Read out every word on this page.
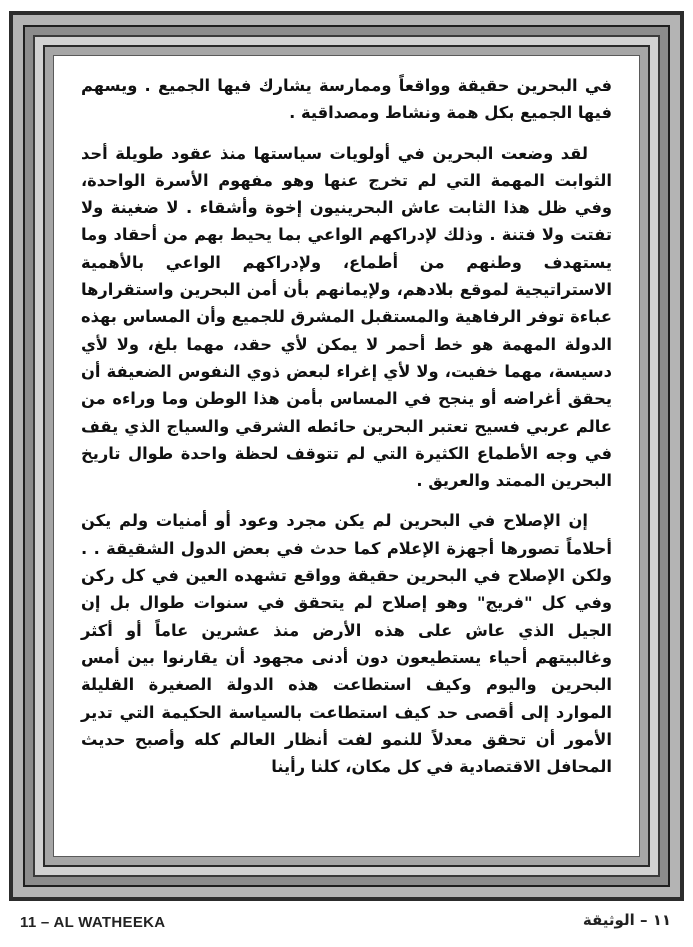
في البحرين حقيقة وواقعاً وممارسة يشارك فيها الجميع . ويسهم فيها الجميع بكل همة ونشاط ومصداقية .

لقد وضعت البحرين في أولويات سياستها منذ عقود طويلة أحد الثوابت المهمة التي لم تخرج عنها وهو مفهوم الأسرة الواحدة، وفي ظل هذا الثابت عاش البحرينيون إخوة وأشقاء . لا ضغينة ولا تفتت ولا فتنة . وذلك لإدراكهم الواعي بما يحيط بهم من أحقاد وما يستهدف وطنهم من أطماع، ولإدراكهم الواعي بالأهمية الاستراتيجية لموقع بلادهم، ولإيمانهم بأن أمن البحرين واستقرارها عباءة توفر الرفاهية والمستقبل المشرق للجميع وأن المساس بهذه الدولة المهمة هو خط أحمر لا يمكن لأي حقد، مهما بلغ، ولا لأي دسيسة، مهما خفيت، ولا لأي إغراء لبعض ذوي النفوس الضعيفة أن يحقق أغراضه أو ينجح في المساس بأمن هذا الوطن وما وراءه من عالم عربي فسيح تعتبر البحرين حائطه الشرقي والسياج الذي يقف في وجه الأطماع الكثيرة التي لم تتوقف لحظة واحدة طوال تاريخ البحرين الممتد والعريق .

إن الإصلاح في البحرين لم يكن مجرد وعود أو أمنيات ولم يكن أحلاماً تصورها أجهزة الإعلام كما حدث في بعض الدول الشقيقة . . ولكن الإصلاح في البحرين حقيقة وواقع تشهده العين في كل ركن وفي كل "فريج" وهو إصلاح لم يتحقق في سنوات طوال بل إن الجيل الذي عاش على هذه الأرض منذ عشرين عاماً أو أكثر وغالبيتهم أحياء يستطيعون دون أدنى مجهود أن يقارنوا بين أمس البحرين واليوم وكيف استطاعت هذه الدولة الصغيرة القليلة الموارد إلى أقصى حد كيف استطاعت بالسياسة الحكيمة التي تدير الأمور أن تحقق معدلاً للنمو لفت أنظار العالم كله وأصبح حديث المحافل الاقتصادية في كل مكان، كلنا رأينا

11 – AL WATHEEKA	١١ – الوثيقة
